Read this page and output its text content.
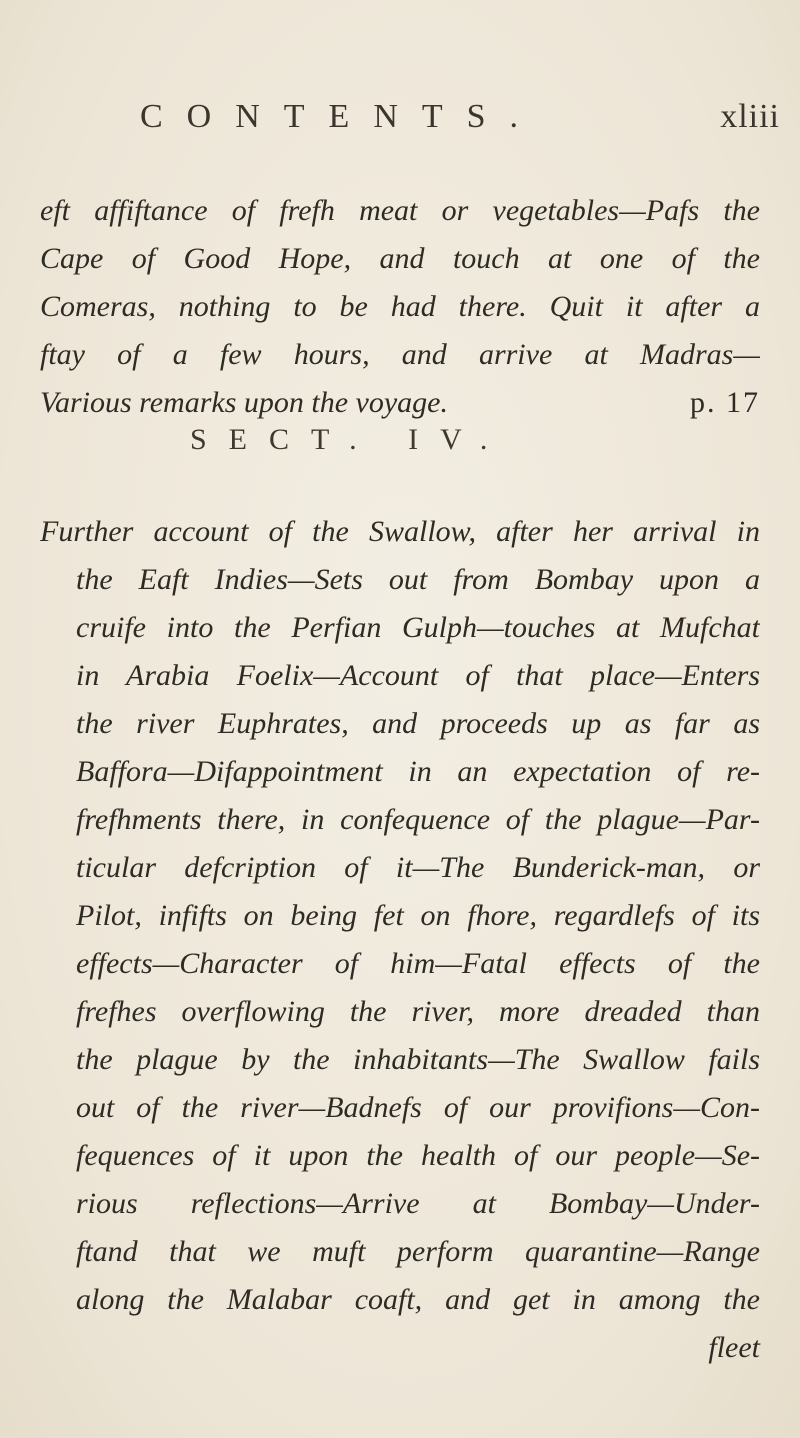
CONTENTS.	xliii
eft affiftance of frefh meat or vegetables—Pafs the
Cape of Good Hope, and touch at one of the
Comeras, nothing to be had there. Quit it after a
ftay of a few hours, and arrive at Madras—
Various remarks upon the voyage.	p. 17
SECT. IV.
Further account of the Swallow, after her arrival in
the Eaft Indies—Sets out from Bombay upon a
cruife into the Perfian Gulph—touches at Mufchat
in Arabia Foelix—Account of that place—Enters
the river Euphrates, and proceeds up as far as
Baffora—Difappointment in an expectation of re-
frefhments there, in confequence of the plague—Par-
ticular defcription of it—The Bunderick-man, or
Pilot, infifts on being fet on fhore, regardlefs of its
effects—Character of him—Fatal effects of the
frefhes overflowing the river, more dreaded than
the plague by the inhabitants—The Swallow fails
out of the river—Badnefs of our provifions—Con-
fequences of it upon the health of our people—Se-
rious reflections—Arrive at Bombay—Under-
ftand that we muft perform quarantine—Range
along the Malabar coaft, and get in among the
fleet
